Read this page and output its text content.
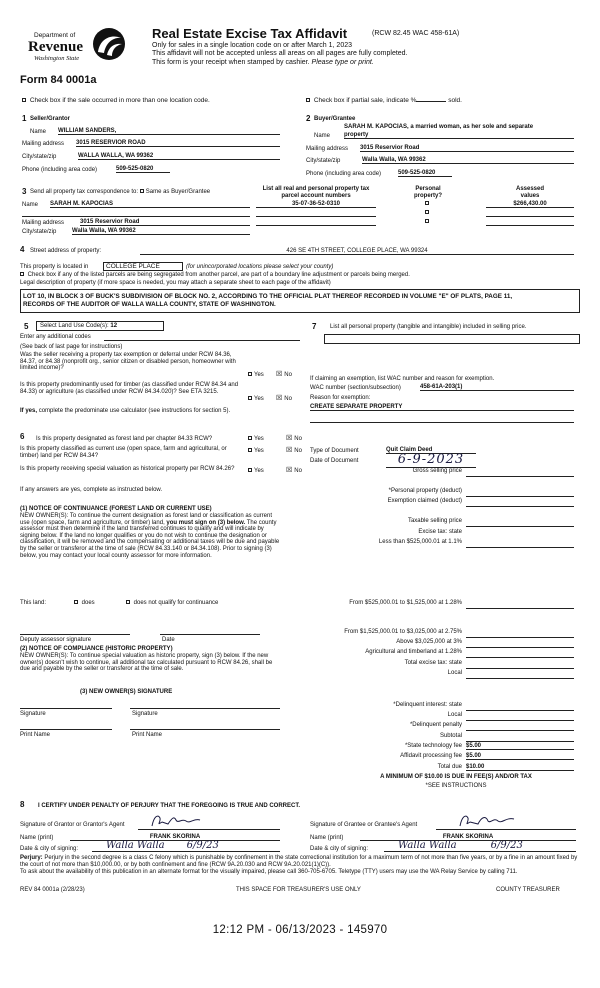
Department of
Revenue
Washington State
Form 84 0001a
Real Estate Excise Tax Affidavit	(RCW 82.45 WAC 458-61A)
Only for sales in a single location code on or after March 1, 2023
This affidavit will not be accepted unless all areas on all pages are fully completed.
This form is your receipt when stamped by cashier. Please type or print.
Check box if the sale occurred in more than one location code.	Check box if partial sale, indicate %	sold.
1 Seller/Grantor
Name WILLIAM SANDERS,
Mailing address 3015 RESERVIOR ROAD
City/state/zip	WALLA WALLA, WA 99362
Phone (including area code)	509-525-0820
2 Buyer/Grantee
SARAH M. KAPOCIAS, a married woman, as her sole and separate
Name property
Mailing address 3015 Reservior Road
City/state/zip	Walla Walla, WA 99362
Phone (including area code)	509-525-0820
3 Send all property tax correspondence to: Same as Buyer/Grantee
Name SARAH M. KAPOCIAS
Mailing address	3015 Reservior Road
City/state/zip	Walla Walla, WA 99362
List all real and personal property tax
parcel account numbers
35-07-36-52-0310
Personal
property?
Assessed
values
$266,430.00
4 Street address of property:	426 SE 4TH STREET, COLLEGE PLACE, WA 99324
This property is located in	COLLEGE PLACE	(for unincorporated locations please select your county)
Check box if any of the listed parcels are being segregated from another parcel, are part of a boundary line adjustment or parcels being merged.
Legal description of property (if more space is needed, you may attach a separate sheet to each page of the affidavit)
LOT 10, IN BLOCK 3 OF BUCK'S SUBDIVISION OF BLOCK NO. 2, ACCORDING TO THE OFFICIAL PLAT THEREOF RECORDED IN VOLUME "E" OF PLATS, PAGE 11,
RECORDS OF THE AUDITOR OF WALLA WALLA COUNTY, STATE OF WASHINGTON.
5	Select Land Use Code(s): 12
Enter any additional codes
(See back of last page for instructions)
Was the seller receiving a property tax exemption or deferral under RCW 84.36, 84.37, or 84.38 (nonprofit org., senior citizen or disabled person, homeowner with limited income)?
Yes ☒ No
Is this property predominantly used for timber (as classified under RCW 84.34 and 84.33) or agriculture (as classified under RCW 84.34.020)? See ETA 3215.
Yes ☒ No
If yes, complete the predominate use calculator (see instructions for section 5).
7 List all personal property (tangible and intangible) included in selling price.
If claiming an exemption, list WAC number and reason for exemption.
WAC number (section/subsection)	458-61A-203(1)
Reason for exemption:
CREATE SEPARATE PROPERTY
6 Is this property designated as forest land per chapter 84.33 RCW?	Yes	☒ No
Is this property classified as current use (open space, farm and agricultural, or timber) land per RCW 84.34?
Yes	☒ No
Is this property receiving special valuation as historical property per RCW 84.26?	Yes	☒ No
If any answers are yes, complete as instructed below.
(1) NOTICE OF CONTINUANCE (FOREST LAND OR CURRENT USE)
NEW OWNER(S): To continue the current designation as forest land or classification as current use (open space, farm and agriculture, or timber) land, you must sign on (3) below. The county assessor must then determine if the land transferred continues to qualify and will indicate by signing below. If the land no longer qualifies or you do not wish to continue the designation or classification, it will be removed and the compensating or additional taxes will be due and payable by the seller or transferor at the time of sale (RCW 84.33.140 or 84.34.108). Prior to signing (3) below, you may contact your local county assessor for more information.
This land:	does	does not qualify for continuance
Deputy assessor signature	Date
(2) NOTICE OF COMPLIANCE (HISTORIC PROPERTY)
NEW OWNER(S): To continue special valuation as historic property, sign (3) below. If the new owner(s) doesn't wish to continue, all additional tax calculated pursuant to RCW 84.26, shall be due and payable by the seller or transferor at the time of sale.
(3) NEW OWNER(S) SIGNATURE
Signature	Signature
Print Name	Print Name
Type of Document	Quit Claim Deed
Date of Document	6-9-2023
Gross selling price
*Personal property (deduct)
Exemption claimed (deduct)
Taxable selling price
Excise tax: state
Less than $525,000.01 at 1.1%
From $525,000.01 to $1,525,000 at 1.28%
From $1,525,000.01 to $3,025,000 at 2.75%
Above $3,025,000 at 3%
Agricultural and timberland at 1.28%
Total excise tax: state
Local
*Delinquent interest: state
Local
*Delinquent penalty
Subtotal
*State technology fee $5.00
Affidavit processing fee $5.00
Total due $10.00
A MINIMUM OF $10.00 IS DUE IN FEE(S) AND/OR TAX
*SEE INSTRUCTIONS
8 I CERTIFY UNDER PENALTY OF PERJURY THAT THE FOREGOING IS TRUE AND CORRECT.
Signature of Grantor or Grantor's Agent	Signature of Grantee or Grantee's Agent
Name (print)	FRANK SKORINA	Name (print)	FRANK SKORINA
Date & city of signing:	Walla Walla 6/9/23	Date & city of signing:	Walla Walla	6/9/23
Perjury: Perjury in the second degree is a class C felony which is punishable by confinement in the state correctional institution for a maximum term of not more than five years, or by a fine in an amount fixed by the court of not more than $10,000.00, or by both confinement and fine (RCW 9A.20.030 and RCW 9A.20.021(1)(C)).
To ask about the availability of this publication in an alternate format for the visually impaired, please call 360-705-6705. Teletype (TTY) users may use the WA Relay Service by calling 711.
REV 84 0001a (2/28/23)	THIS SPACE FOR TREASURER'S USE ONLY	COUNTY TREASURER
12:12 PM - 06/13/2023 - 145970
